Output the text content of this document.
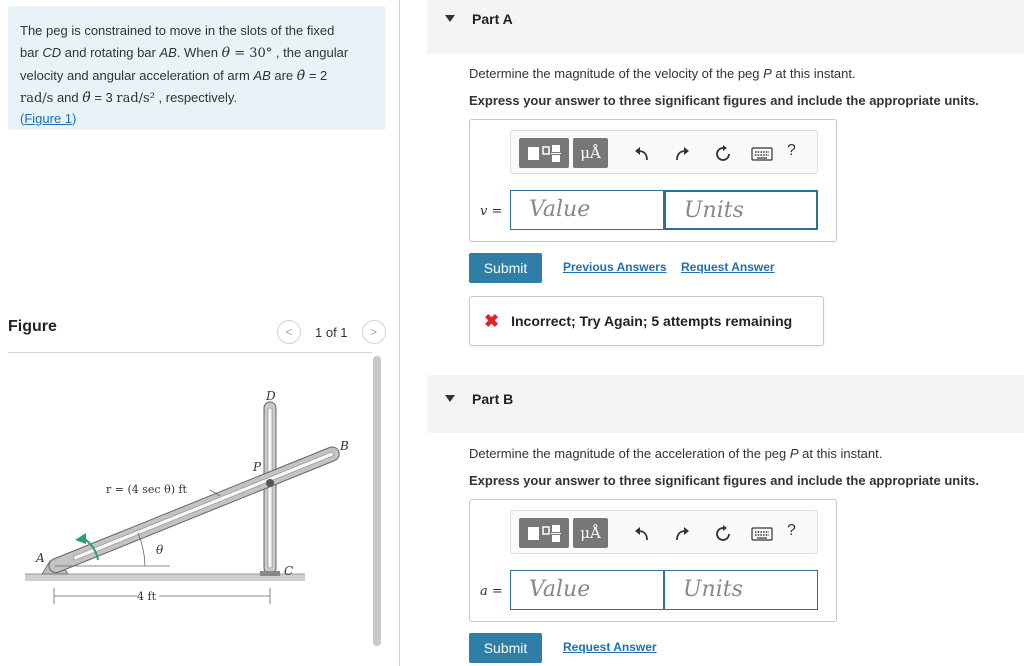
The peg is constrained to move in the slots of the fixed
bar CD and rotating bar AB. When θ = 30° , the angular
velocity and angular acceleration of arm AB are θ̇ = 2
rad/s and θ̈ = 3 rad/s² , respectively.
(Figure 1)
Figure	<	1 of 1	>
D
B
P
A
C
θ
r = (4 sec θ) ft
4 ft
Part A
Determine the magnitude of the velocity of the peg P at this instant.
Express your answer to three significant figures and include the appropriate units.
μÅ	?
v =	Value	Units
Submit	Previous Answers Request Answer
✖ Incorrect; Try Again; 5 attempts remaining
Part B
Determine the magnitude of the acceleration of the peg P at this instant.
Express your answer to three significant figures and include the appropriate units.
μÅ	?
a =	Value	Units
Submit	Request Answer
